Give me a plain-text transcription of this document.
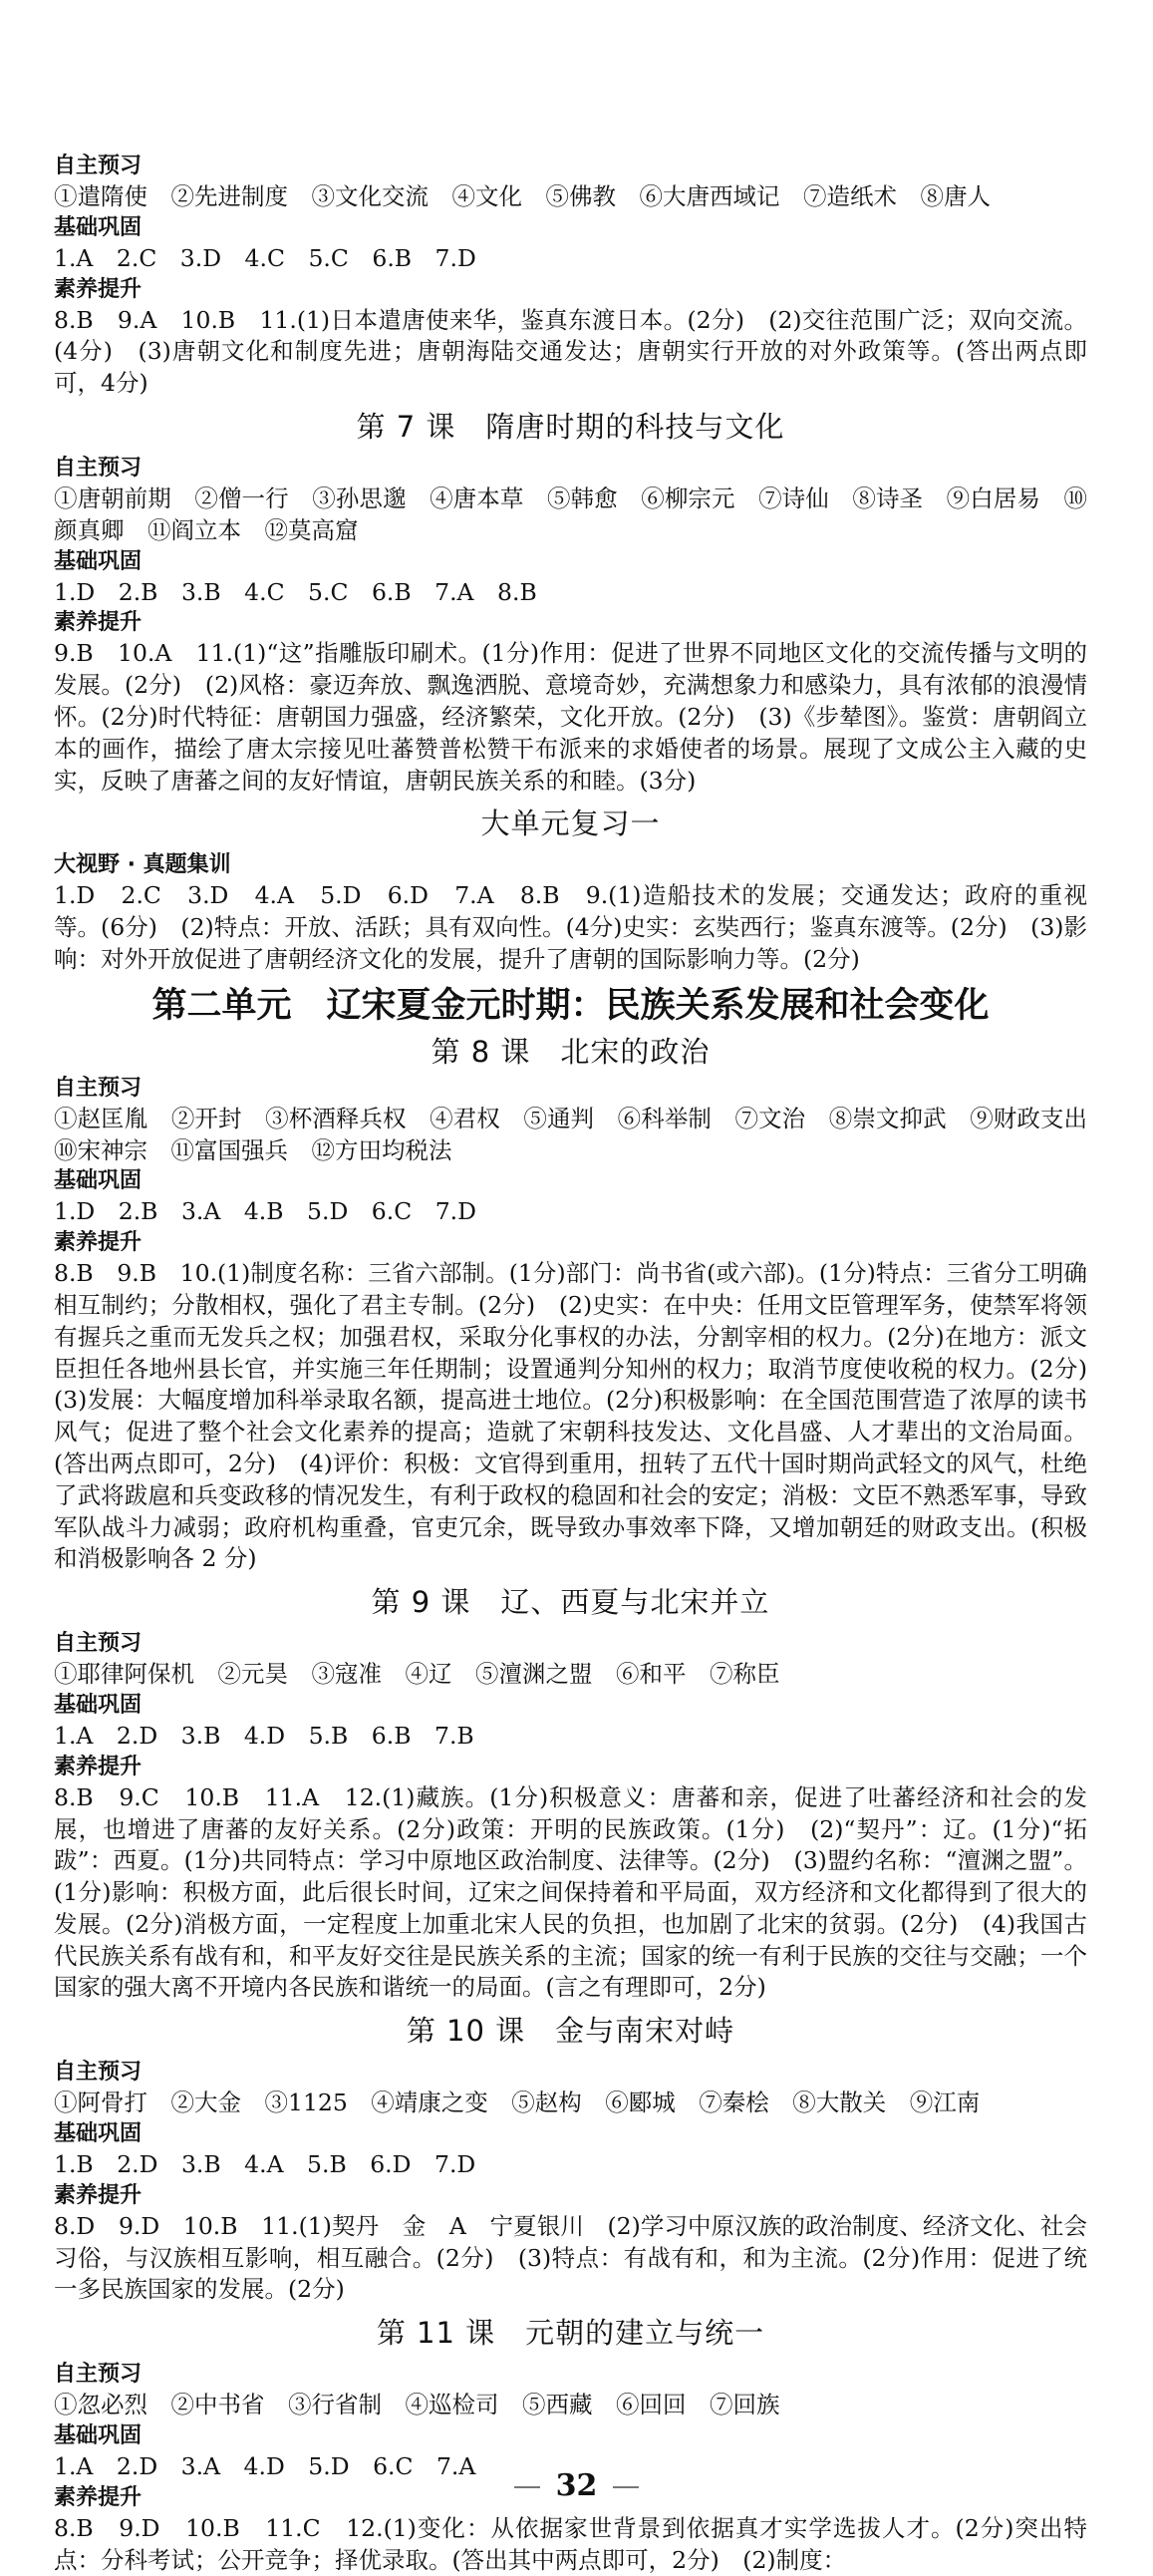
自主预习

①遣隋使　②先进制度　③文化交流　④文化　⑤佛教　⑥大唐西域记　⑦造纸术　⑧唐人

基础巩固

1.A　2.C　3.D　4.C　5.C　6.B　7.D

素养提升

8.B　9.A　10.B　11.(1)日本遣唐使来华，鉴真东渡日本。(2分)　(2)交往范围广泛；双向交流。(4分)　(3)唐朝文化和制度先进；唐朝海陆交通发达；唐朝实行开放的对外政策等。(答出两点即可，4分)

第 7 课　隋唐时期的科技与文化
自主预习

①唐朝前期　②僧一行　③孙思邈　④唐本草　⑤韩愈　⑥柳宗元　⑦诗仙　⑧诗圣　⑨白居易　⑩颜真卿　⑪阎立本　⑫莫高窟

基础巩固

1.D　2.B　3.B　4.C　5.C　6.B　7.A　8.B

素养提升

9.B　10.A　11.(1)“这”指雕版印刷术。(1分)作用：促进了世界不同地区文化的交流传播与文明的发展。(2分)　(2)风格：豪迈奔放、飘逸洒脱、意境奇妙，充满想象力和感染力，具有浓郁的浪漫情怀。(2分)时代特征：唐朝国力强盛，经济繁荣，文化开放。(2分)　(3)《步辇图》。鉴赏：唐朝阎立本的画作，描绘了唐太宗接见吐蕃赞普松赞干布派来的求婚使者的场景。展现了文成公主入藏的史实，反映了唐蕃之间的友好情谊，唐朝民族关系的和睦。(3分)

大单元复习一
大视野 · 真题集训

1.D　2.C　3.D　4.A　5.D　6.D　7.A　8.B　9.(1)造船技术的发展；交通发达；政府的重视等。(6分)　(2)特点：开放、活跃；具有双向性。(4分)史实：玄奘西行；鉴真东渡等。(2分)　(3)影响：对外开放促进了唐朝经济文化的发展，提升了唐朝的国际影响力等。(2分)

第二单元　辽宋夏金元时期：民族关系发展和社会变化
第 8 课　北宋的政治
自主预习

①赵匡胤　②开封　③杯酒释兵权　④君权　⑤通判　⑥科举制　⑦文治　⑧崇文抑武　⑨财政支出　⑩宋神宗　⑪富国强兵　⑫方田均税法

基础巩固

1.D　2.B　3.A　4.B　5.D　6.C　7.D

素养提升

8.B　9.B　10.(1)制度名称：三省六部制。(1分)部门：尚书省(或六部)。(1分)特点：三省分工明确相互制约；分散相权，强化了君主专制。(2分)　(2)史实：在中央：任用文臣管理军务，使禁军将领有握兵之重而无发兵之权；加强君权，采取分化事权的办法，分割宰相的权力。(2分)在地方：派文臣担任各地州县长官，并实施三年任期制；设置通判分知州的权力；取消节度使收税的权力。(2分)　(3)发展：大幅度增加科举录取名额，提高进士地位。(2分)积极影响：在全国范围营造了浓厚的读书风气；促进了整个社会文化素养的提高；造就了宋朝科技发达、文化昌盛、人才辈出的文治局面。(答出两点即可，2分)　(4)评价：积极：文官得到重用，扭转了五代十国时期尚武轻文的风气，杜绝了武将跋扈和兵变政移的情况发生，有利于政权的稳固和社会的安定；消极：文臣不熟悉军事，导致军队战斗力减弱；政府机构重叠，官吏冗余，既导致办事效率下降，又增加朝廷的财政支出。(积极和消极影响各 2 分)

第 9 课　辽、西夏与北宋并立
自主预习

①耶律阿保机　②元昊　③寇准　④辽　⑤澶渊之盟　⑥和平　⑦称臣

基础巩固

1.A　2.D　3.B　4.D　5.B　6.B　7.B

素养提升

8.B　9.C　10.B　11.A　12.(1)藏族。(1分)积极意义：唐蕃和亲，促进了吐蕃经济和社会的发展，也增进了唐蕃的友好关系。(2分)政策：开明的民族政策。(1分)　(2)“契丹”：辽。(1分)“拓跋”：西夏。(1分)共同特点：学习中原地区政治制度、法律等。(2分)　(3)盟约名称：“澶渊之盟”。(1分)影响：积极方面，此后很长时间，辽宋之间保持着和平局面，双方经济和文化都得到了很大的发展。(2分)消极方面，一定程度上加重北宋人民的负担，也加剧了北宋的贫弱。(2分)　(4)我国古代民族关系有战有和，和平友好交往是民族关系的主流；国家的统一有利于民族的交往与交融；一个国家的强大离不开境内各民族和谐统一的局面。(言之有理即可，2分)

第 10 课　金与南宋对峙
自主预习

①阿骨打　②大金　③1125　④靖康之变　⑤赵构　⑥郾城　⑦秦桧　⑧大散关　⑨江南

基础巩固

1.B　2.D　3.B　4.A　5.B　6.D　7.D

素养提升

8.D　9.D　10.B　11.(1)契丹　金　A　宁夏银川　(2)学习中原汉族的政治制度、经济文化、社会习俗，与汉族相互影响，相互融合。(2分)　(3)特点：有战有和，和为主流。(2分)作用：促进了统一多民族国家的发展。(2分)

第 11 课　元朝的建立与统一
自主预习

①忽必烈　②中书省　③行省制　④巡检司　⑤西藏　⑥回回　⑦回族

基础巩固

1.A　2.D　3.A　4.D　5.D　6.C　7.A

素养提升

8.B　9.D　10.B　11.C　12.(1)变化：从依据家世背景到依据真才实学选拔人才。(2分)突出特点：分科考试；公开竞争；择优录取。(答出其中两点即可，2分)　(2)制度：

32
